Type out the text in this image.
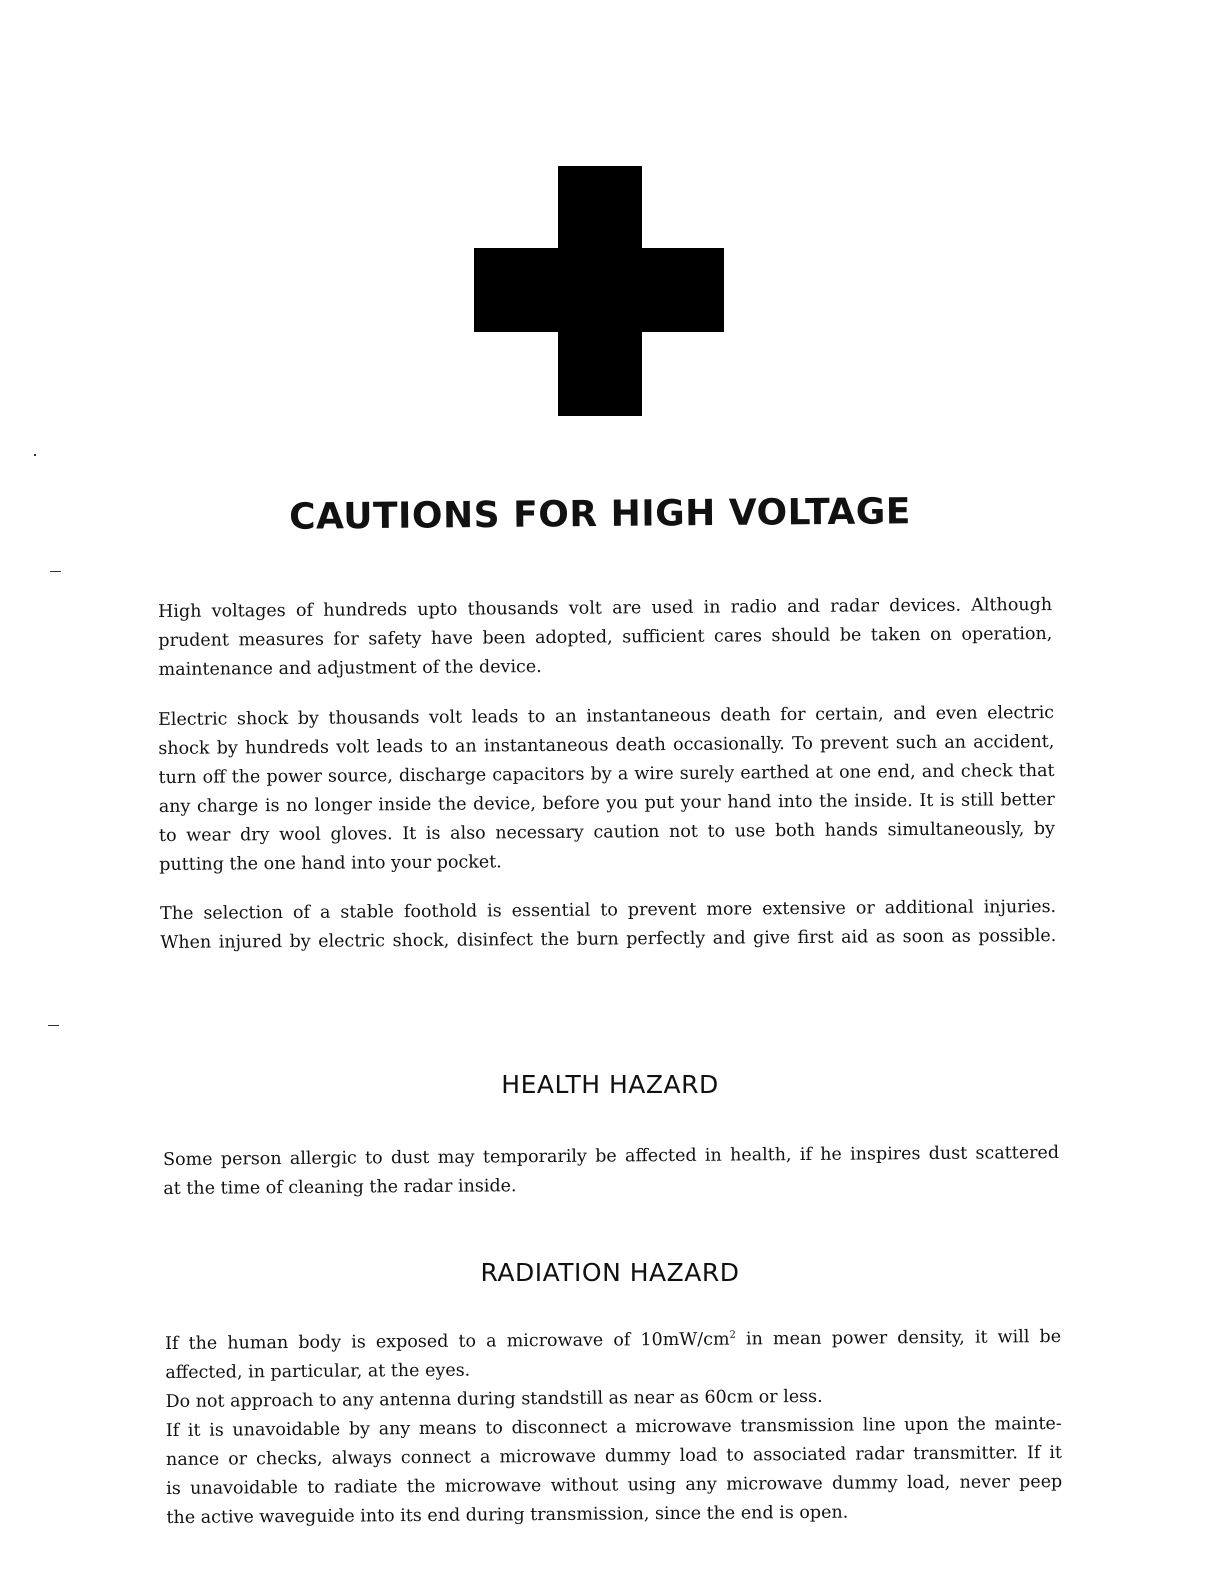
CAUTIONS FOR HIGH VOLTAGE

High voltages of hundreds upto thousands volt are used in radio and radar devices. Although
prudent measures for safety have been adopted, sufficient cares should be taken on operation,
maintenance and adjustment of the device.

Electric shock by thousands volt leads to an instantaneous death for certain, and even electric
shock by hundreds volt leads to an instantaneous death occasionally. To prevent such an accident,
turn off the power source, discharge capacitors by a wire surely earthed at one end, and check that
any charge is no longer inside the device, before you put your hand into the inside. It is still better
to wear dry wool gloves. It is also necessary caution not to use both hands simultaneously, by
putting the one hand into your pocket.

The selection of a stable foothold is essential to prevent more extensive or additional injuries.
When injured by electric shock, disinfect the burn perfectly and give first aid as soon as possible.

HEALTH HAZARD

Some person allergic to dust may temporarily be affected in health, if he inspires dust scattered
at the time of cleaning the radar inside.

RADIATION HAZARD

If the human body is exposed to a microwave of $10mW/cm^2$ in mean power density, it will be
affected, in particular, at the eyes.
Do not approach to any antenna during standstill as near as 60cm or less.
If it is unavoidable by any means to disconnect a microwave transmission line upon the mainte-
nance or checks, always connect a microwave dummy load to associated radar transmitter. If it
is unavoidable to radiate the microwave without using any microwave dummy load, never peep
the active waveguide into its end during transmission, since the end is open.
